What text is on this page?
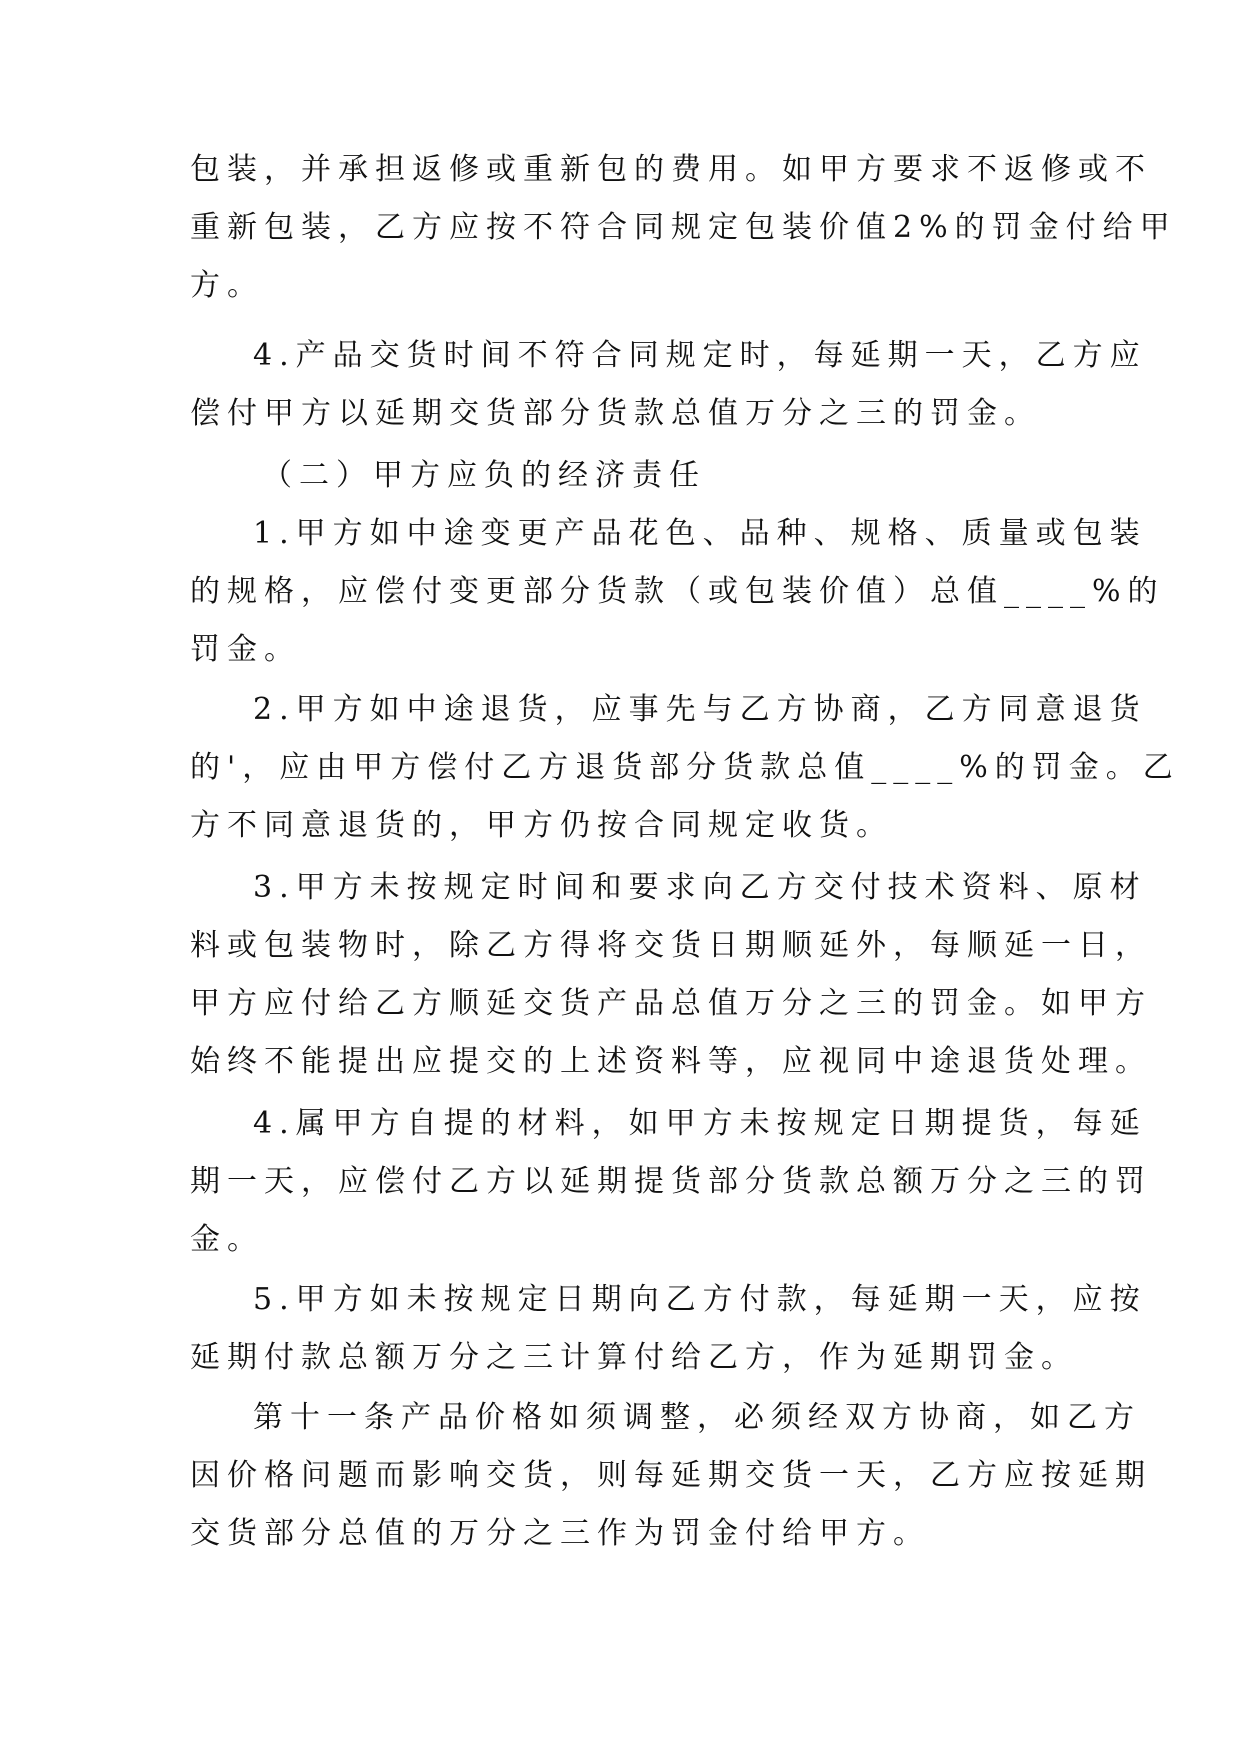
包装，并承担返修或重新包的费用。如甲方要求不返修或不
重新包装，乙方应按不符合同规定包装价值2%的罚金付给甲
方。
4.产品交货时间不符合同规定时，每延期一天，乙方应
偿付甲方以延期交货部分货款总值万分之三的罚金。
（二）甲方应负的经济责任
1.甲方如中途变更产品花色、品种、规格、质量或包装
的规格，应偿付变更部分货款（或包装价值）总值____%的
罚金。
2.甲方如中途退货，应事先与乙方协商，乙方同意退货
的'，应由甲方偿付乙方退货部分货款总值____%的罚金。乙
方不同意退货的，甲方仍按合同规定收货。
3.甲方未按规定时间和要求向乙方交付技术资料、原材
料或包装物时，除乙方得将交货日期顺延外，每顺延一日，
甲方应付给乙方顺延交货产品总值万分之三的罚金。如甲方
始终不能提出应提交的上述资料等，应视同中途退货处理。
4.属甲方自提的材料，如甲方未按规定日期提货，每延
期一天，应偿付乙方以延期提货部分货款总额万分之三的罚
金。
5.甲方如未按规定日期向乙方付款，每延期一天，应按
延期付款总额万分之三计算付给乙方，作为延期罚金。
第十一条产品价格如须调整，必须经双方协商，如乙方
因价格问题而影响交货，则每延期交货一天，乙方应按延期
交货部分总值的万分之三作为罚金付给甲方。
